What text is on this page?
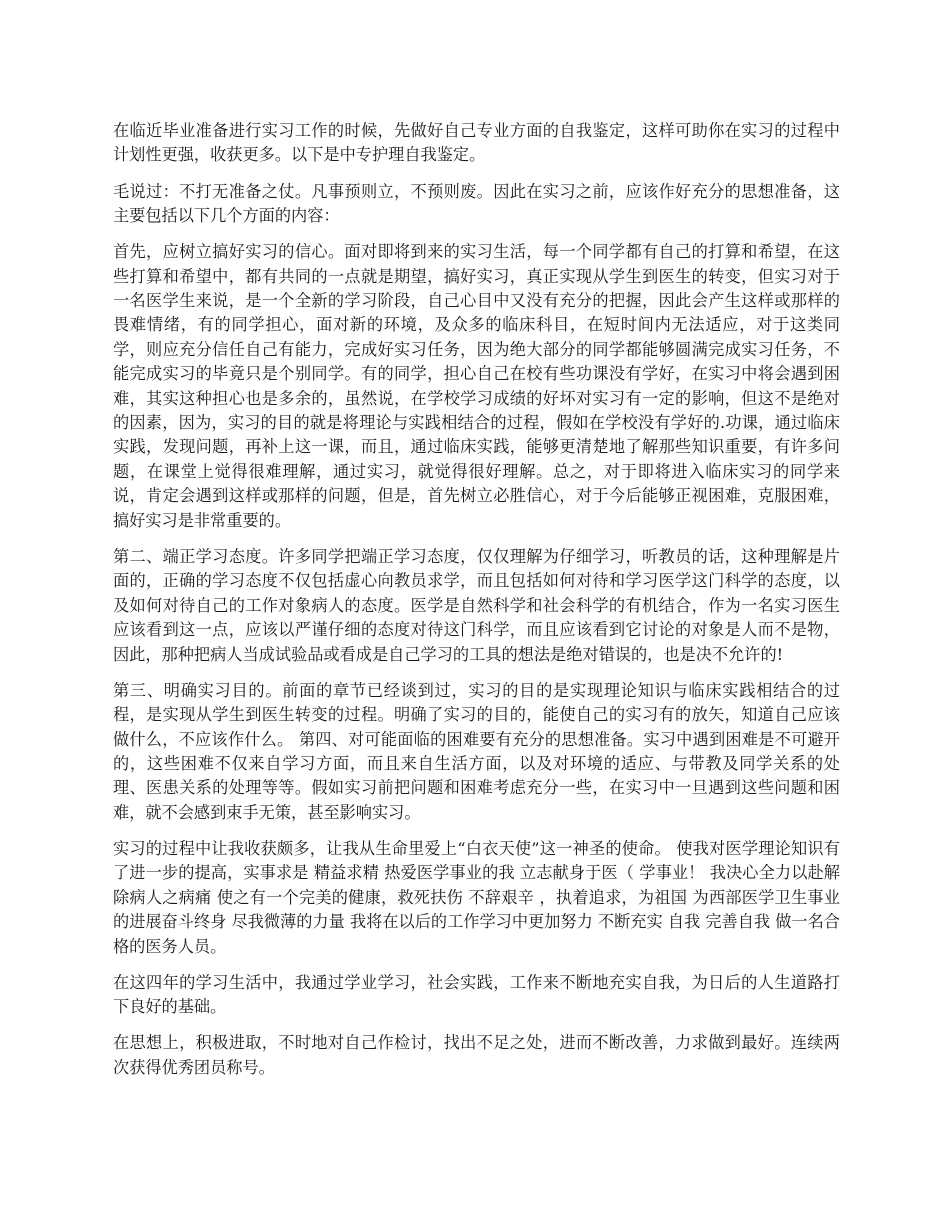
在临近毕业准备进行实习工作的时候，先做好自己专业方面的自我鉴定，这样可助你在实习的过程中计划性更强，收获更多。以下是中专护理自我鉴定。

毛说过：不打无准备之仗。凡事预则立，不预则废。因此在实习之前，应该作好充分的思想准备，这主要包括以下几个方面的内容：

首先，应树立搞好实习的信心。面对即将到来的实习生活，每一个同学都有自己的打算和希望，在这些打算和希望中，都有共同的一点就是期望，搞好实习，真正实现从学生到医生的转变，但实习对于一名医学生来说，是一个全新的学习阶段，自己心目中又没有充分的把握，因此会产生这样或那样的畏难情绪，有的同学担心，面对新的环境，及众多的临床科目，在短时间内无法适应，对于这类同学，则应充分信任自己有能力，完成好实习任务，因为绝大部分的同学都能够圆满完成实习任务，不能完成实习的毕竟只是个别同学。有的同学，担心自己在校有些功课没有学好，在实习中将会遇到困难，其实这种担心也是多余的，虽然说，在学校学习成绩的好坏对实习有一定的影响，但这不是绝对的因素，因为，实习的目的就是将理论与实践相结合的过程，假如在学校没有学好的.功课，通过临床实践，发现问题，再补上这一课，而且，通过临床实践，能够更清楚地了解那些知识重要，有许多问题，在课堂上觉得很难理解，通过实习，就觉得很好理解。总之，对于即将进入临床实习的同学来说，肯定会遇到这样或那样的问题，但是，首先树立必胜信心，对于今后能够正视困难，克服困难，搞好实习是非常重要的。

第二、端正学习态度。许多同学把端正学习态度，仅仅理解为仔细学习，听教员的话，这种理解是片面的，正确的学习态度不仅包括虚心向教员求学，而且包括如何对待和学习医学这门科学的态度，以及如何对待自己的工作对象病人的态度。医学是自然科学和社会科学的有机结合，作为一名实习医生应该看到这一点，应该以严谨仔细的态度对待这门科学，而且应该看到它讨论的对象是人而不是物，因此，那种把病人当成试验品或看成是自己学习的工具的想法是绝对错误的，也是决不允许的!

第三、明确实习目的。前面的章节已经谈到过，实习的目的是实现理论知识与临床实践相结合的过程，是实现从学生到医生转变的过程。明确了实习的目的，能使自己的实习有的放矢，知道自己应该做什么，不应该作什么。 第四、对可能面临的困难要有充分的思想准备。实习中遇到困难是不可避开的，这些困难不仅来自学习方面，而且来自生活方面，以及对环境的适应、与带教及同学关系的处理、医患关系的处理等等。假如实习前把问题和困难考虑充分一些，在实习中一旦遇到这些问题和困难，就不会感到束手无策，甚至影响实习。

实习的过程中让我收获颇多，让我从生命里爱上“白衣天使”这一神圣的使命。 使我对医学理论知识有了进一步的提高，实事求是 精益求精 热爱医学事业的我 立志献身于医（ 学事业！ 我决心全力以赴解除病人之病痛 使之有一个完美的健康，救死扶伤 不辞艰辛 ，执着追求，为祖国 为西部医学卫生事业的进展奋斗终身 尽我微薄的力量 我将在以后的工作学习中更加努力 不断充实 自我 完善自我 做一名合格的医务人员。

在这四年的学习生活中，我通过学业学习，社会实践，工作来不断地充实自我，为日后的人生道路打下良好的基础。

在思想上，积极进取，不时地对自己作检讨，找出不足之处，进而不断改善，力求做到最好。连续两次获得优秀团员称号。
